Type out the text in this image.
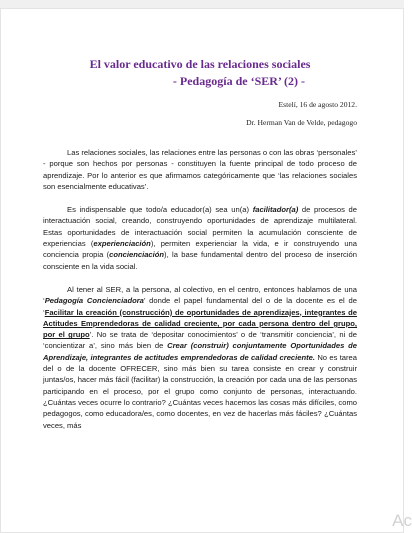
El valor educativo de las relaciones sociales

- Pedagogía de ‘SER’ (2) -

Estelí, 16 de agosto 2012.

Dr. Herman Van de Velde, pedagogo

Las relaciones sociales, las relaciones entre las personas o con las obras ‘personales’ - porque son hechos por personas - constituyen la fuente principal de todo proceso de aprendizaje. Por lo anterior es que afirmamos categóricamente que ‘las relaciones sociales son esencialmente educativas’.

Es indispensable que todo/a educador(a) sea un(a) facilitador(a) de procesos de interactuación social, creando, construyendo oportunidades de aprendizaje multilateral. Estas oportunidades de interactuación social permiten la acumulación consciente de experiencias (experienciación), permiten experienciar la vida, e ir construyendo una conciencia propia (concienciación), la base fundamental dentro del proceso de inserción consciente en la vida social.

Al tener al SER, a la persona, al colectivo, en el centro, entonces hablamos de una ‘Pedagogía Concienciadora’ donde el papel fundamental del o de la docente es el de ‘Facilitar la creación (construcción) de oportunidades de aprendizajes, integrantes de Actitudes Emprendedoras de calidad creciente, por cada persona dentro del grupo, por el grupo’. No se trata de ‘depositar conocimientos’ o de ‘transmitir conciencia’, ni de ‘concientizar a’, sino más bien de Crear (construir) conjuntamente Oportunidades de Aprendizaje, integrantes de actitudes emprendedoras de calidad creciente. No es tarea del o de la docente OFRECER, sino más bien su tarea consiste en crear y construir juntas/os, hacer más fácil (facilitar) la construcción, la creación por cada una de las personas participando en el proceso, por el grupo como conjunto de personas, interactuando. ¿Cuántas veces ocurre lo contrario? ¿Cuántas veces hacemos las cosas más difíciles, como pedagogos, como educadora/es, como docentes, en vez de hacerlas más fáciles? ¿Cuántas veces, más

Ac
